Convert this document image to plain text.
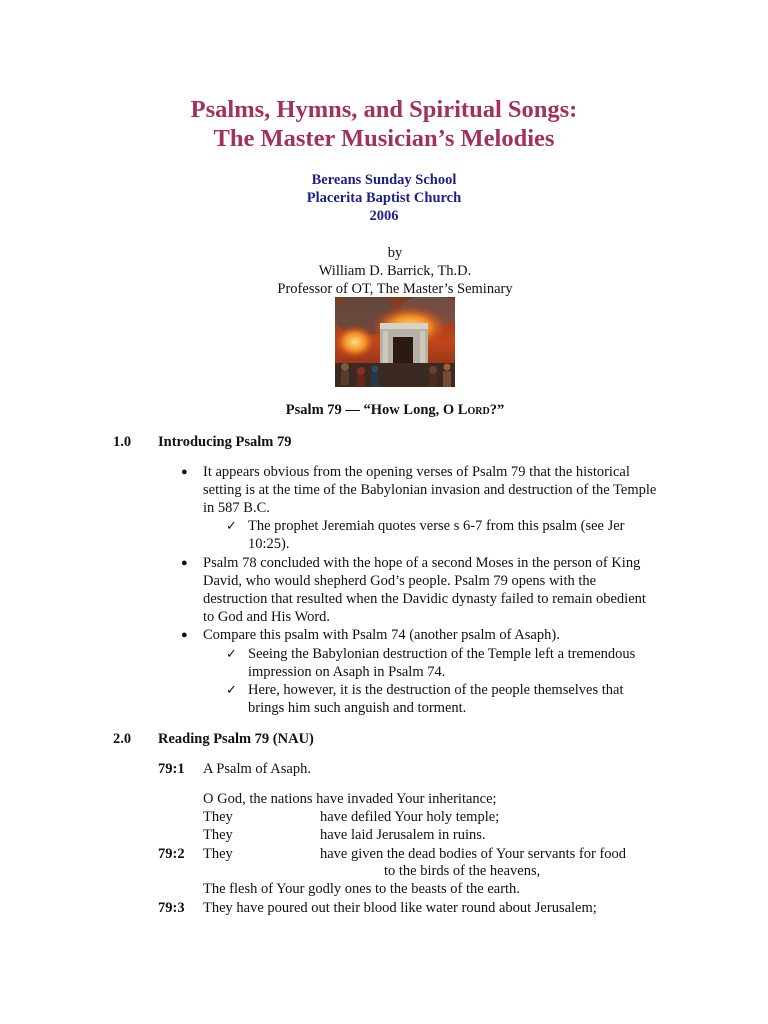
Psalms, Hymns, and Spiritual Songs:
The Master Musician’s Melodies
Bereans Sunday School
Placerita Baptist Church
2006
by
William D. Barrick, Th.D.
Professor of OT, The Master’s Seminary
Psalm 79 — “How Long, O Lord?”
1.0 Introducing Psalm 79
● It appears obvious from the opening verses of Psalm 79 that the historical
setting is at the time of the Babylonian invasion and destruction of the Temple
in 587 B.C.
✓ The prophet Jeremiah quotes verse s 6-7 from this psalm (see Jer
10:25).
● Psalm 78 concluded with the hope of a second Moses in the person of King
David, who would shepherd God’s people. Psalm 79 opens with the
destruction that resulted when the Davidic dynasty failed to remain obedient
to God and His Word.
● Compare this psalm with Psalm 74 (another psalm of Asaph).
✓ Seeing the Babylonian destruction of the Temple left a tremendous
impression on Asaph in Psalm 74.
✓ Here, however, it is the destruction of the people themselves that
brings him such anguish and torment.
2.0 Reading Psalm 79 (NAU)
79:1 A Psalm of Asaph.
O God, the nations have invaded Your inheritance;
They	have defiled Your holy temple;
They	have laid Jerusalem in ruins.
79:2 They	have given the dead bodies of Your servants for food
to the birds of the heavens,
The flesh of Your godly ones to the beasts of the earth.
79:3 They have poured out their blood like water round about Jerusalem;
